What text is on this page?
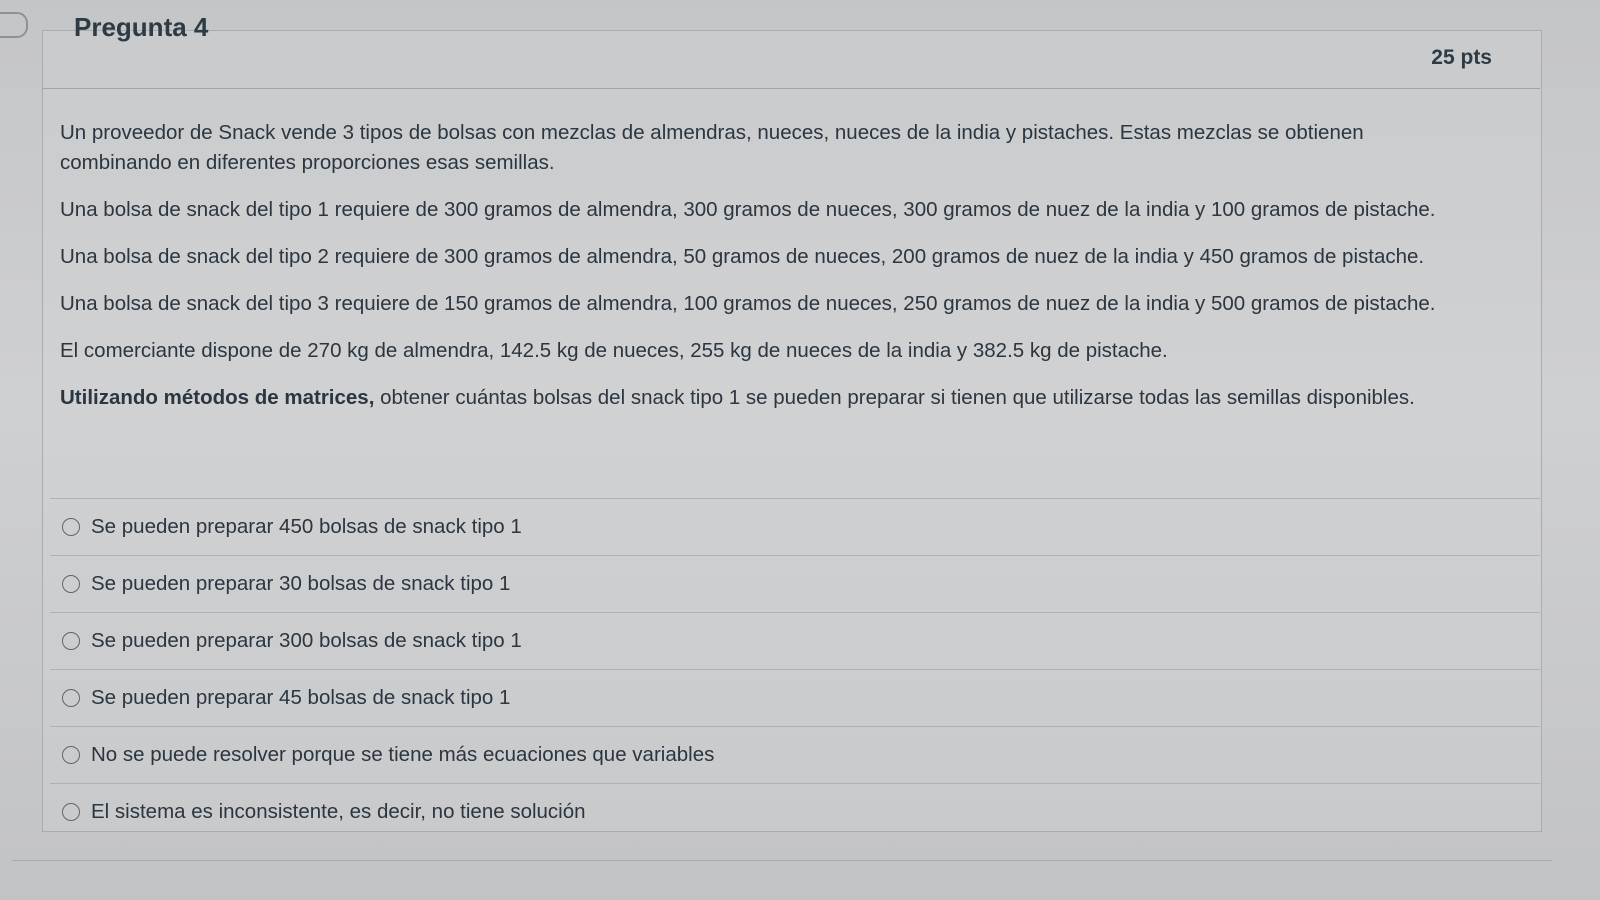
Pregunta 4
25 pts

Un proveedor de Snack vende 3 tipos de bolsas con mezclas de almendras, nueces, nueces de la india y pistaches. Estas mezclas se obtienen combinando en diferentes proporciones esas semillas.

Una bolsa de snack del tipo 1 requiere de 300 gramos de almendra, 300 gramos de nueces, 300 gramos de nuez de la india y 100 gramos de pistache.

Una bolsa de snack del tipo 2 requiere de 300 gramos de almendra, 50 gramos de nueces, 200 gramos de nuez de la india y 450 gramos de pistache.

Una bolsa de snack del tipo 3 requiere de 150 gramos de almendra, 100 gramos de nueces, 250 gramos de nuez de la india y 500 gramos de pistache.

El comerciante dispone de 270 kg de almendra, 142.5 kg de nueces, 255 kg de nueces de la india y 382.5 kg de pistache.

Utilizando métodos de matrices, obtener cuántas bolsas del snack tipo 1 se pueden preparar si tienen que utilizarse todas las semillas disponibles.

Se pueden preparar 450 bolsas de snack tipo 1
Se pueden preparar 30 bolsas de snack tipo 1
Se pueden preparar 300 bolsas de snack tipo 1
Se pueden preparar 45 bolsas de snack tipo 1
No se puede resolver porque se tiene más ecuaciones que variables
El sistema es inconsistente, es decir, no tiene solución
